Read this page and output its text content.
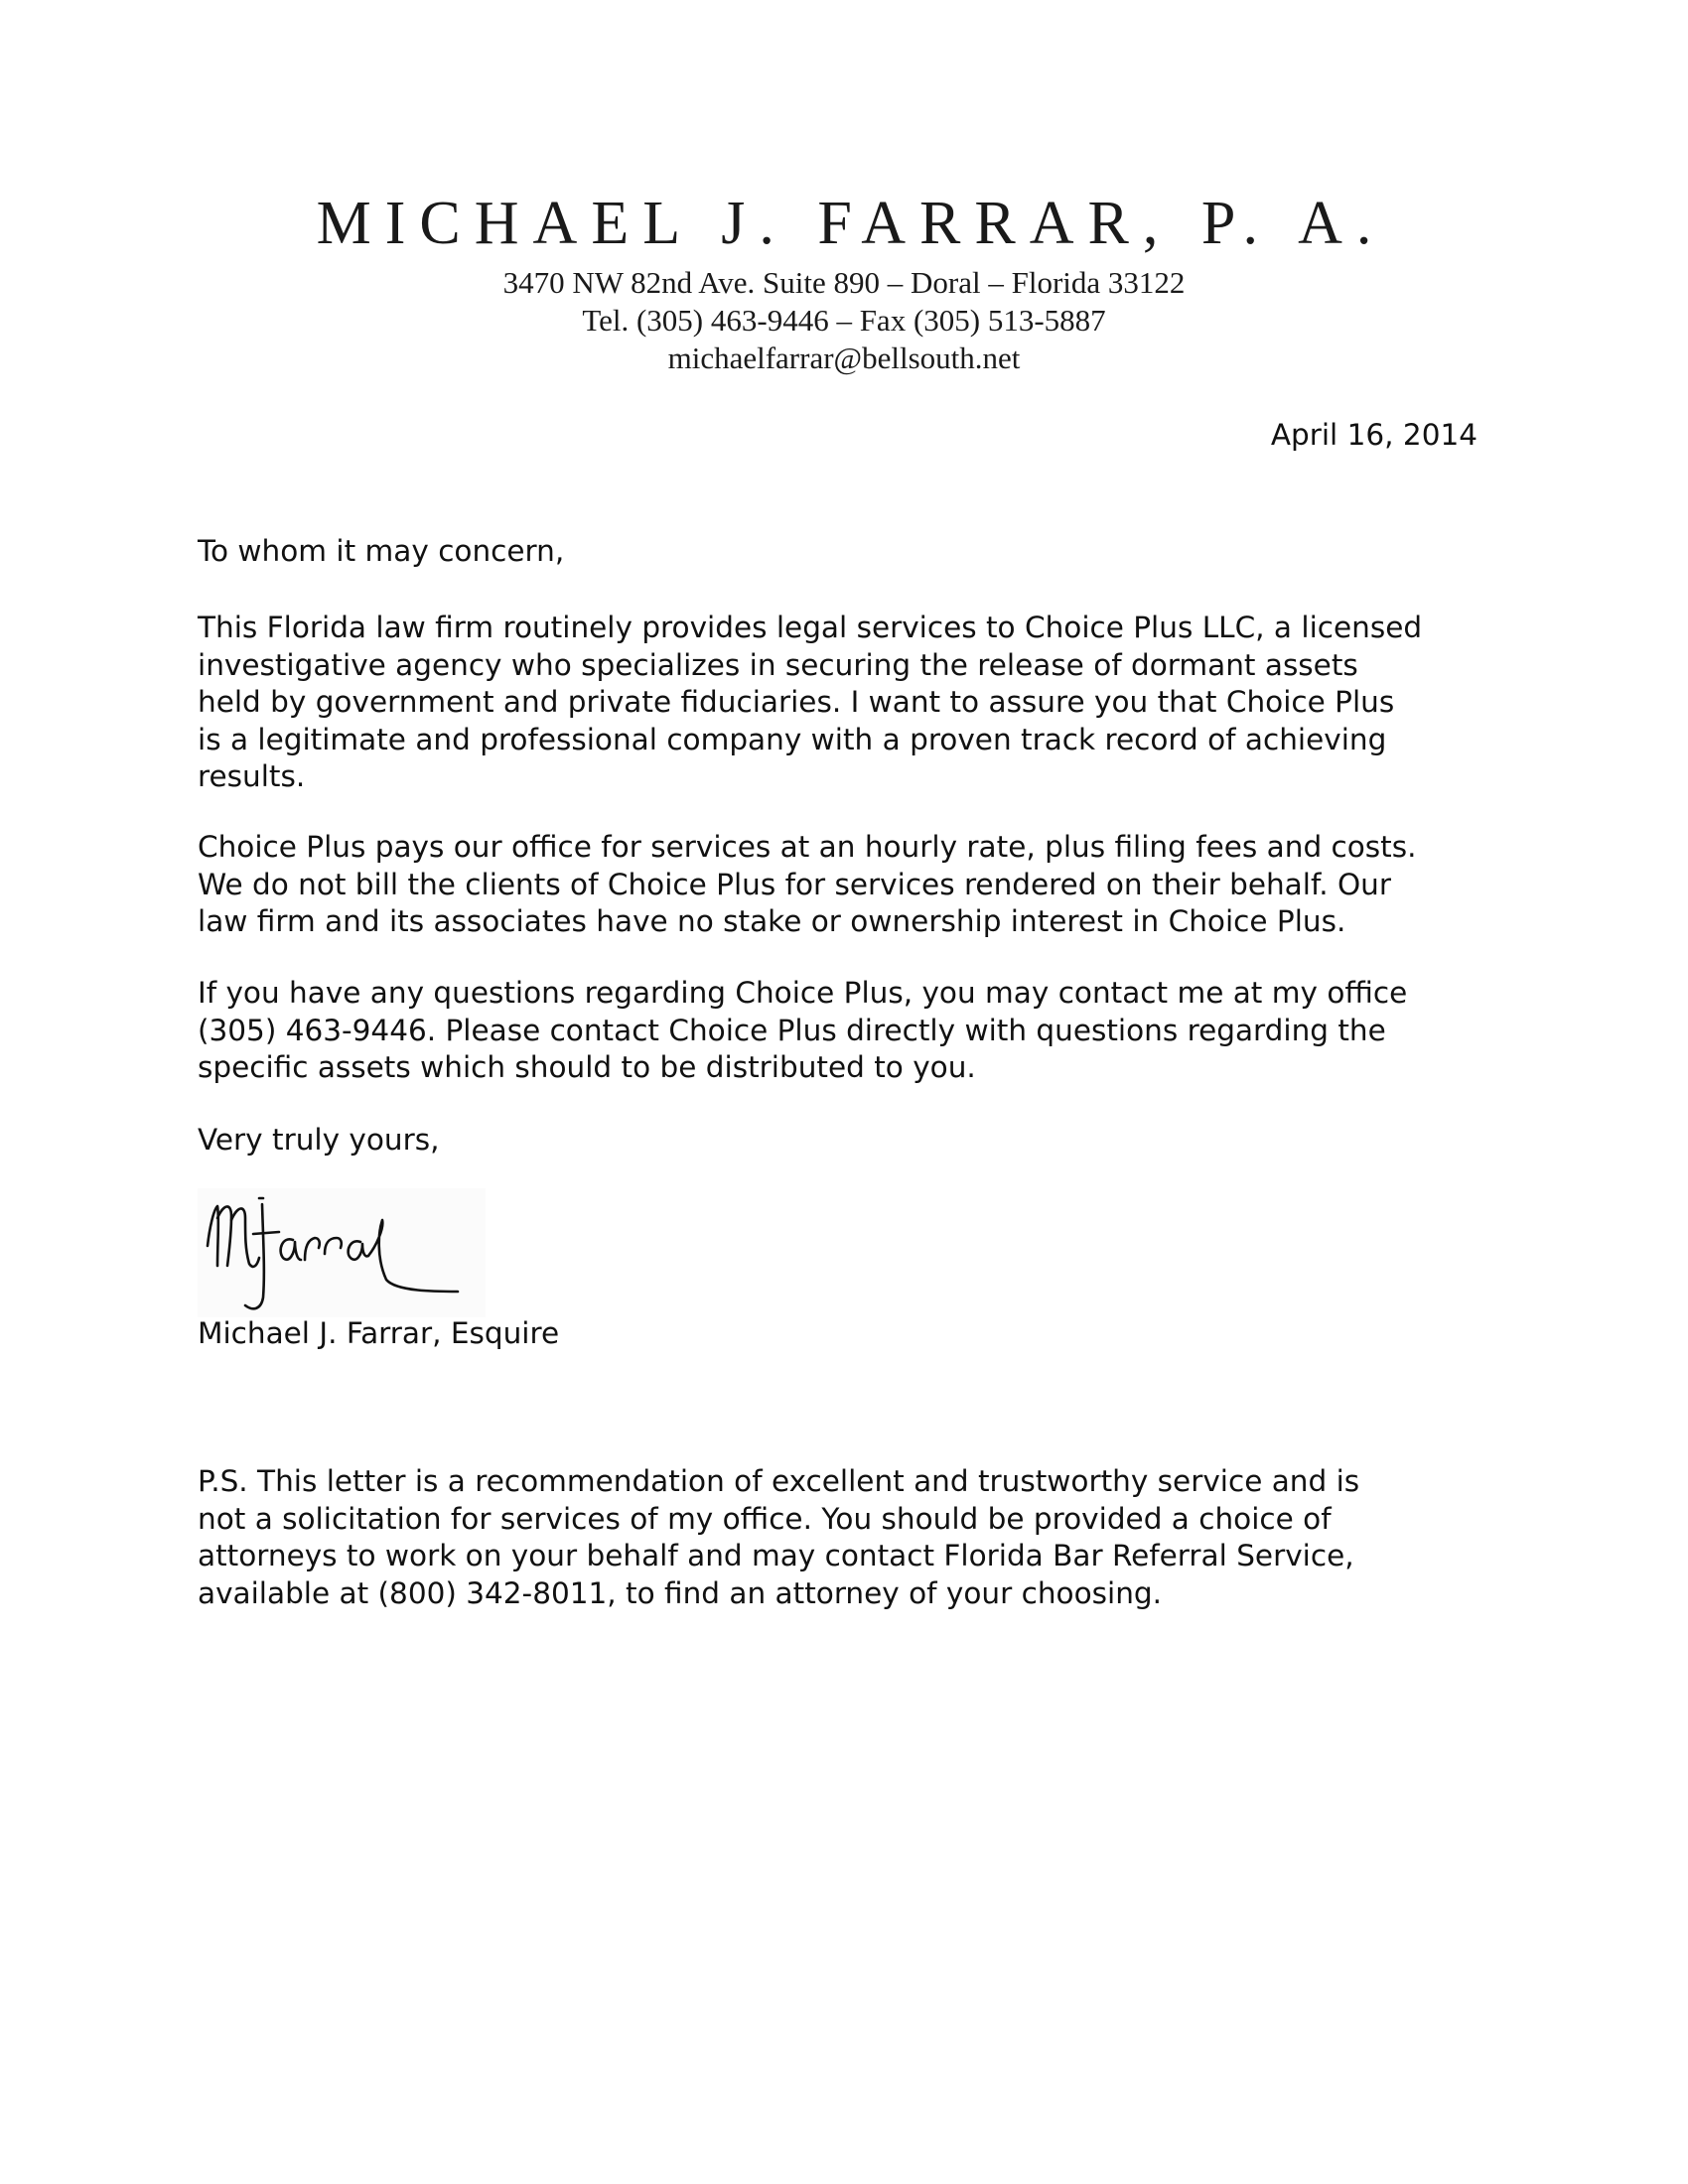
MICHAEL J. FARRAR, P. A.

3470 NW 82nd Ave. Suite 890 – Doral – Florida 33122

Tel. (305) 463-9446 – Fax (305) 513-5887

michaelfarrar@bellsouth.net

April 16, 2014

To whom it may concern,

This Florida law firm routinely provides legal services to Choice Plus LLC, a licensed
investigative agency who specializes in securing the release of dormant assets
held by government and private fiduciaries. I want to assure you that Choice Plus
is a legitimate and professional company with a proven track record of achieving
results.
Choice Plus pays our office for services at an hourly rate, plus filing fees and costs.
We do not bill the clients of Choice Plus for services rendered on their behalf. Our
law firm and its associates have no stake or ownership interest in Choice Plus.
If you have any questions regarding Choice Plus, you may contact me at my office
(305) 463-9446. Please contact Choice Plus directly with questions regarding the
specific assets which should to be distributed to you.

Very truly yours,

Michael J. Farrar, Esquire

P.S. This letter is a recommendation of excellent and trustworthy service and is
not a solicitation for services of my office. You should be provided a choice of
attorneys to work on your behalf and may contact Florida Bar Referral Service,
available at (800) 342-8011, to find an attorney of your choosing.
